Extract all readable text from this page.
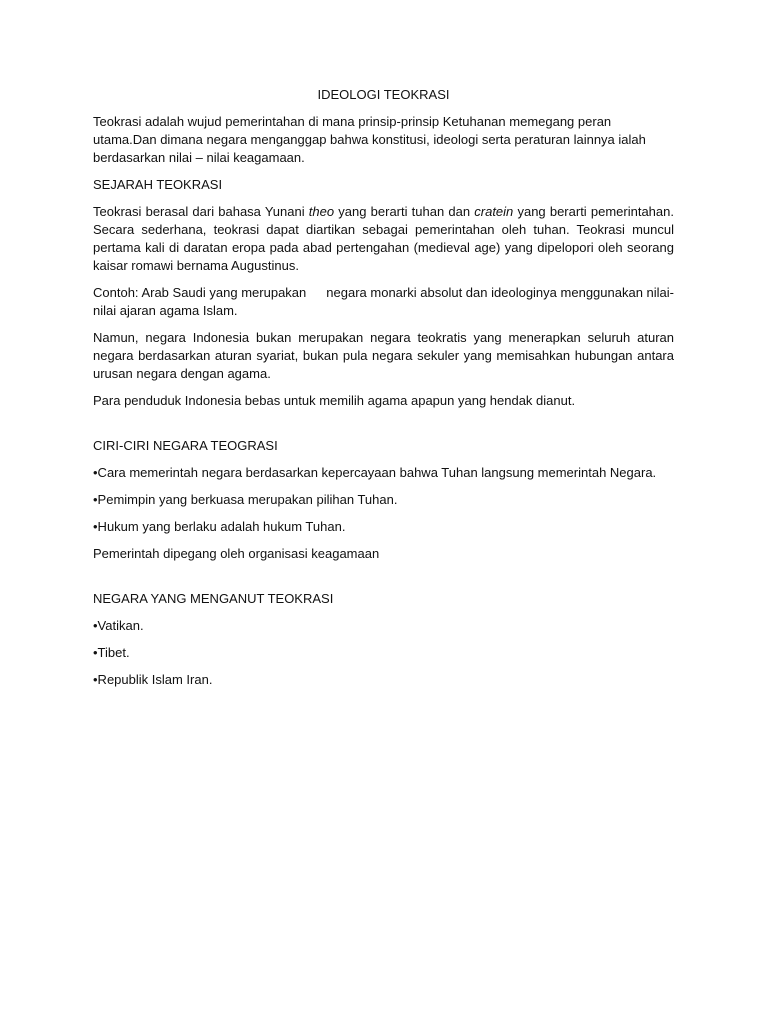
IDEOLOGI TEOKRASI

Teokrasi adalah wujud pemerintahan di mana prinsip-prinsip Ketuhanan memegang peran utama.Dan dimana negara menganggap bahwa konstitusi, ideologi serta peraturan lainnya ialah berdasarkan nilai – nilai keagamaan.

SEJARAH TEOKRASI

Teokrasi berasal dari bahasa Yunani theo yang berarti tuhan dan cratein yang berarti pemerintahan. Secara sederhana, teokrasi dapat diartikan sebagai pemerintahan oleh tuhan. Teokrasi muncul pertama kali di daratan eropa pada abad pertengahan (medieval age) yang dipelopori oleh seorang kaisar romawi bernama Augustinus.

Contoh: Arab Saudi yang merupakan negara monarki absolut dan ideologinya menggunakan nilai-nilai ajaran agama Islam.

Namun, negara Indonesia bukan merupakan negara teokratis yang menerapkan seluruh aturan negara berdasarkan aturan syariat, bukan pula negara sekuler yang memisahkan hubungan antara urusan negara dengan agama.

Para penduduk Indonesia bebas untuk memilih agama apapun yang hendak dianut.

CIRI-CIRI NEGARA TEOGRASI

•Cara memerintah negara berdasarkan kepercayaan bahwa Tuhan langsung memerintah Negara.

•Pemimpin yang berkuasa merupakan pilihan Tuhan.

•Hukum yang berlaku adalah hukum Tuhan.

Pemerintah dipegang oleh organisasi keagamaan

NEGARA YANG MENGANUT TEOKRASI

•Vatikan.

•Tibet.

•Republik Islam Iran.
